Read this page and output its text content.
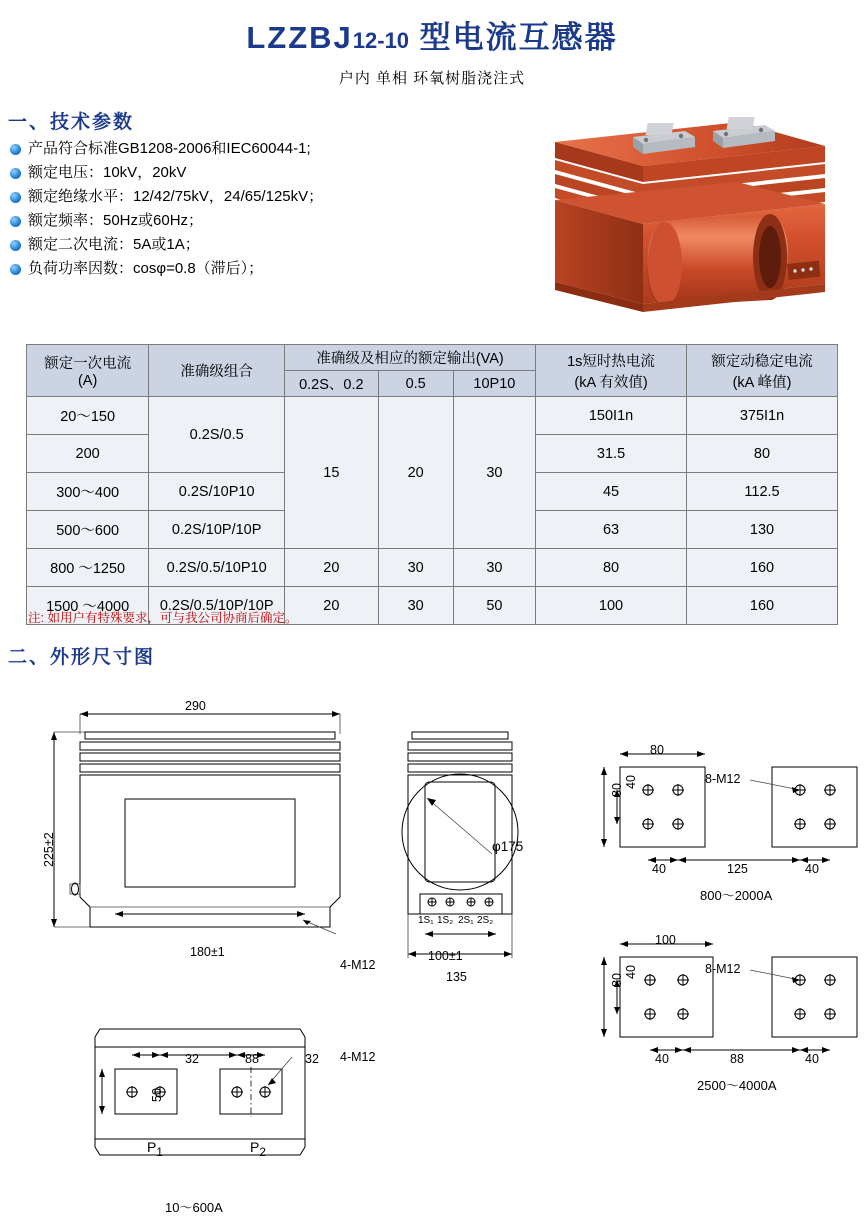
LZZBJ12-10 型电流互感器
户内 单相 环氧树脂浇注式
一、技术参数
产品符合标准GB1208-2006和IEC60044-1;
额定电压：10kV，20kV
额定绝缘水平：12/42/75kV，24/65/125kV；
额定频率：50Hz或60Hz；
额定二次电流：5A或1A；
负荷功率因数：cosφ=0.8（滞后）；
额定一次电流
(A)	准确级组合	准确级及相应的额定输出(VA)			1s短时热电流
(kA 有效值)	额定动稳定电流
(kA 峰值)
		0.2S、0.2	0.5	10P10		
20～150	0.2S/0.5	15	20	30	150I1n	375I1n
200					31.5	80
300～400	0.2S/10P10				45	112.5
500～600	0.2S/10P/10P				63	130
800 ～1250	0.2S/0.5/10P10	20	30	30	80	160
1500 ～4000	0.2S/0.5/10P/10P	20	30	50	100	160
注: 如用户有特殊要求，可与我公司协商后确定。
二、外形尺寸图
290
225±2
180±1
4-M12
φ175
1S₁ 1S₂ 2S₁ 2S₂
100±1
135
80
80
40
40	125	40
8-M12
800～2000A
100
80
40
40	88	40
8-M12
2500～4000A
32	88	32 4-M12
50
$P_1$	$P_2$
10～600A
